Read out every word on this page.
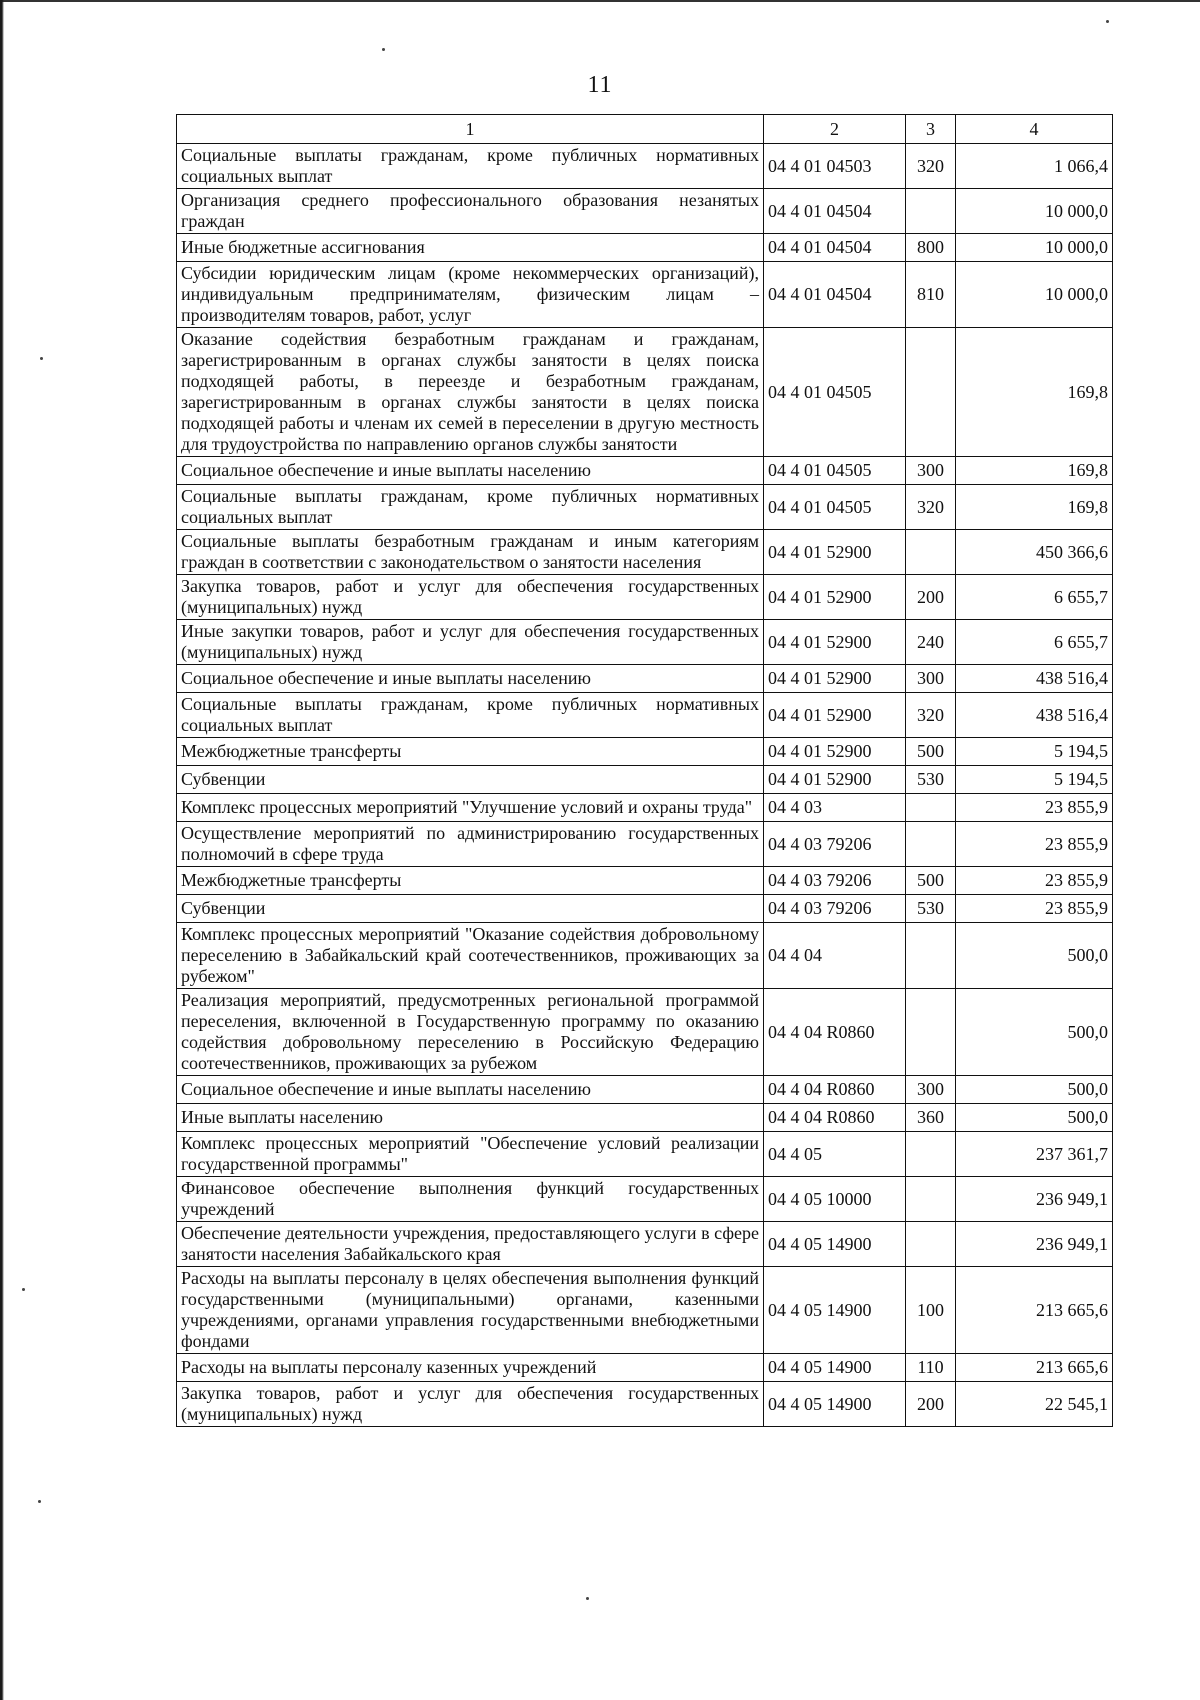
11
1	2	3	4
Социальные выплаты гражданам, кроме публичных нормативных социальных выплат	04 4 01 04503	320	1 066,4
Организация среднего профессионального образования незанятых граждан	04 4 01 04504		10 000,0
Иные бюджетные ассигнования	04 4 01 04504	800	10 000,0
Субсидии юридическим лицам (кроме некоммерческих организаций), индивидуальным предпринимателям, физическим лицам – производителям товаров, работ, услуг	04 4 01 04504	810	10 000,0
Оказание содействия безработным гражданам и гражданам, зарегистрированным в органах службы занятости в целях поиска подходящей работы, в переезде и безработным гражданам, зарегистрированным в органах службы занятости в целях поиска подходящей работы и членам их семей в переселении в другую местность для трудоустройства по направлению органов службы занятости	04 4 01 04505		169,8
Социальное обеспечение и иные выплаты населению	04 4 01 04505	300	169,8
Социальные выплаты гражданам, кроме публичных нормативных социальных выплат	04 4 01 04505	320	169,8
Социальные выплаты безработным гражданам и иным категориям граждан в соответствии с законодательством о занятости населения	04 4 01 52900		450 366,6
Закупка товаров, работ и услуг для обеспечения государственных (муниципальных) нужд	04 4 01 52900	200	6 655,7
Иные закупки товаров, работ и услуг для обеспечения государственных (муниципальных) нужд	04 4 01 52900	240	6 655,7
Социальное обеспечение и иные выплаты населению	04 4 01 52900	300	438 516,4
Социальные выплаты гражданам, кроме публичных нормативных социальных выплат	04 4 01 52900	320	438 516,4
Межбюджетные трансферты	04 4 01 52900	500	5 194,5
Субвенции	04 4 01 52900	530	5 194,5
Комплекс процессных мероприятий "Улучшение условий и охраны труда"	04 4 03		23 855,9
Осуществление мероприятий по администрированию государственных полномочий в сфере труда	04 4 03 79206		23 855,9
Межбюджетные трансферты	04 4 03 79206	500	23 855,9
Субвенции	04 4 03 79206	530	23 855,9
Комплекс процессных мероприятий "Оказание содействия добровольному переселению в Забайкальский край соотечественников, проживающих за рубежом"	04 4 04		500,0
Реализация мероприятий, предусмотренных региональной программой переселения, включенной в Государственную программу по оказанию содействия добровольному переселению в Российскую Федерацию соотечественников, проживающих за рубежом	04 4 04 R0860		500,0
Социальное обеспечение и иные выплаты населению	04 4 04 R0860	300	500,0
Иные выплаты населению	04 4 04 R0860	360	500,0
Комплекс процессных мероприятий "Обеспечение условий реализации государственной программы"	04 4 05		237 361,7
Финансовое обеспечение выполнения функций государственных учреждений	04 4 05 10000		236 949,1
Обеспечение деятельности учреждения, предоставляющего услуги в сфере занятости населения Забайкальского края	04 4 05 14900		236 949,1
Расходы на выплаты персоналу в целях обеспечения выполнения функций государственными (муниципальными) органами, казенными учреждениями, органами управления государственными внебюджетными фондами	04 4 05 14900	100	213 665,6
Расходы на выплаты персоналу казенных учреждений	04 4 05 14900	110	213 665,6
Закупка товаров, работ и услуг для обеспечения государственных (муниципальных) нужд	04 4 05 14900	200	22 545,1
